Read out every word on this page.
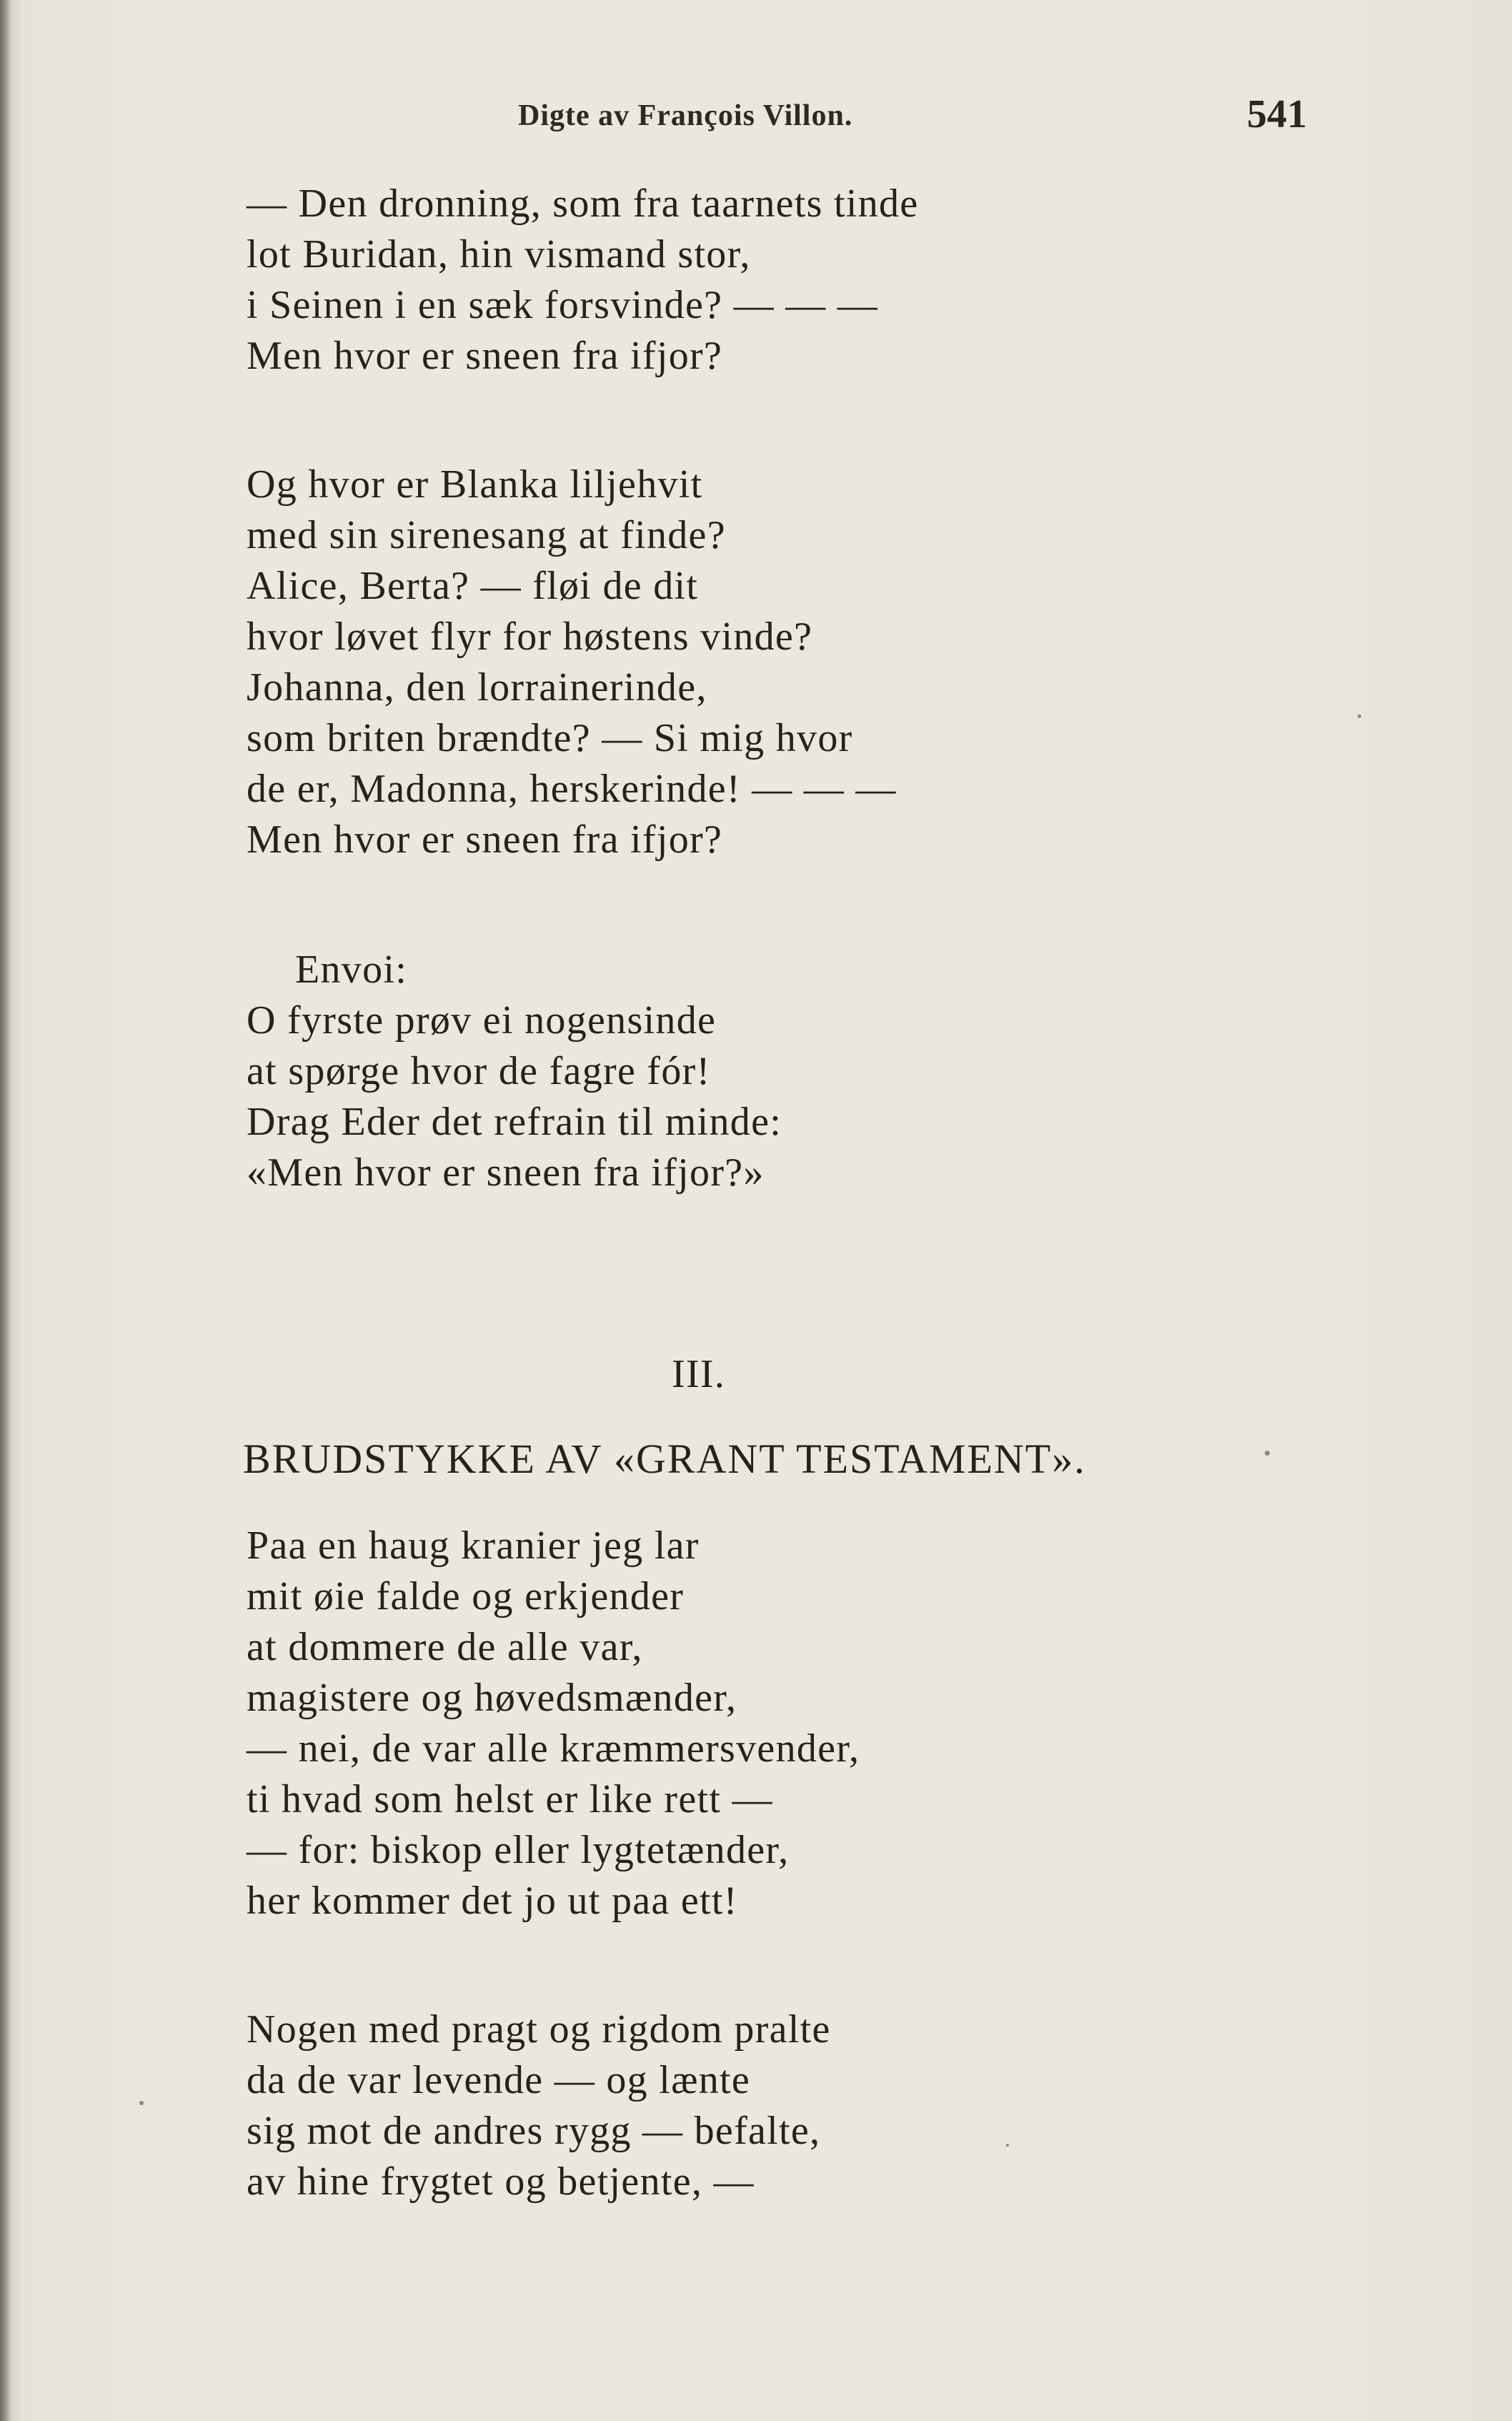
Digte av François Villon.	541
— Den dronning, som fra taarnets tinde
lot Buridan, hin vismand stor,
i Seinen i en sæk forsvinde? — — —
Men hvor er sneen fra ifjor?
Og hvor er Blanka liljehvit
med sin sirenesang at finde?
Alice, Berta? — fløi de dit
hvor løvet flyr for høstens vinde?
Johanna, den lorrainerinde,
som briten brændte? — Si mig hvor
de er, Madonna, herskerinde! — — —
Men hvor er sneen fra ifjor?
Envoi:
O fyrste prøv ei nogensinde
at spørge hvor de fagre fór!
Drag Eder det refrain til minde:
«Men hvor er sneen fra ifjor?»
III.
BRUDSTYKKE AV «GRANT TESTAMENT».
Paa en haug kranier jeg lar
mit øie falde og erkjender
at dommere de alle var,
magistere og høvedsmænder,
— nei, de var alle kræmmersvender,
ti hvad som helst er like rett —
— for: biskop eller lygtetænder,
her kommer det jo ut paa ett!
Nogen med pragt og rigdom pralte
da de var levende — og lænte
sig mot de andres rygg — befalte,
av hine frygtet og betjente, —
